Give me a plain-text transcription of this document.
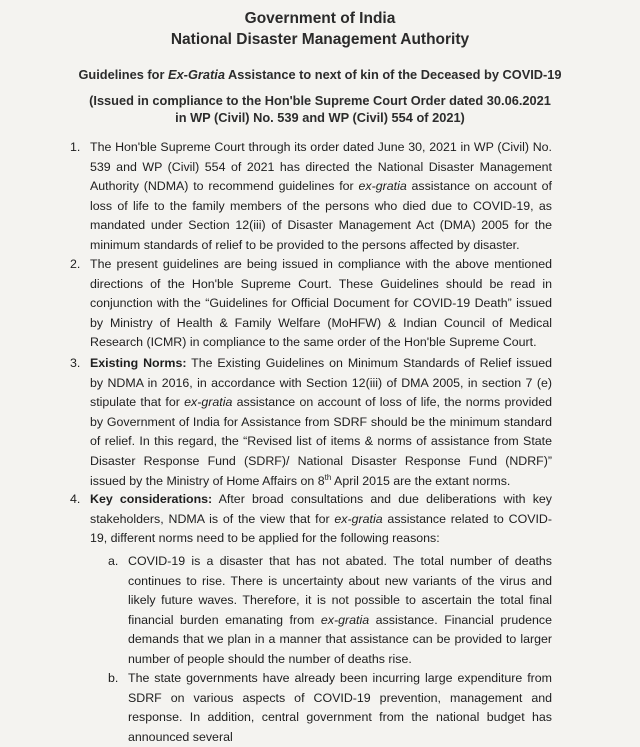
Government of India
National Disaster Management Authority
Guidelines for Ex-Gratia Assistance to next of kin of the Deceased by COVID-19
(Issued in compliance to the Hon'ble Supreme Court Order dated 30.06.2021
in WP (Civil) No. 539 and WP (Civil) 554 of 2021)
1. The Hon'ble Supreme Court through its order dated June 30, 2021 in WP (Civil) No. 539 and WP (Civil) 554 of 2021 has directed the National Disaster Management Authority (NDMA) to recommend guidelines for ex-gratia assistance on account of loss of life to the family members of the persons who died due to COVID-19, as mandated under Section 12(iii) of Disaster Management Act (DMA) 2005 for the minimum standards of relief to be provided to the persons affected by disaster.
2. The present guidelines are being issued in compliance with the above mentioned directions of the Hon'ble Supreme Court. These Guidelines should be read in conjunction with the “Guidelines for Official Document for COVID-19 Death” issued by Ministry of Health & Family Welfare (MoHFW) & Indian Council of Medical Research (ICMR) in compliance to the same order of the Hon'ble Supreme Court.
3. Existing Norms: The Existing Guidelines on Minimum Standards of Relief issued by NDMA in 2016, in accordance with Section 12(iii) of DMA 2005, in section 7 (e) stipulate that for ex-gratia assistance on account of loss of life, the norms provided by Government of India for Assistance from SDRF should be the minimum standard of relief. In this regard, the “Revised list of items & norms of assistance from State Disaster Response Fund (SDRF)/ National Disaster Response Fund (NDRF)” issued by the Ministry of Home Affairs on 8th April 2015 are the extant norms.
4. Key considerations: After broad consultations and due deliberations with key stakeholders, NDMA is of the view that for ex-gratia assistance related to COVID-19, different norms need to be applied for the following reasons:
a. COVID-19 is a disaster that has not abated. The total number of deaths continues to rise. There is uncertainty about new variants of the virus and likely future waves. Therefore, it is not possible to ascertain the total final financial burden emanating from ex-gratia assistance. Financial prudence demands that we plan in a manner that assistance can be provided to larger number of people should the number of deaths rise.
b. The state governments have already been incurring large expenditure from SDRF on various aspects of COVID-19 prevention, management and response. In addition, central government from the national budget has announced several
